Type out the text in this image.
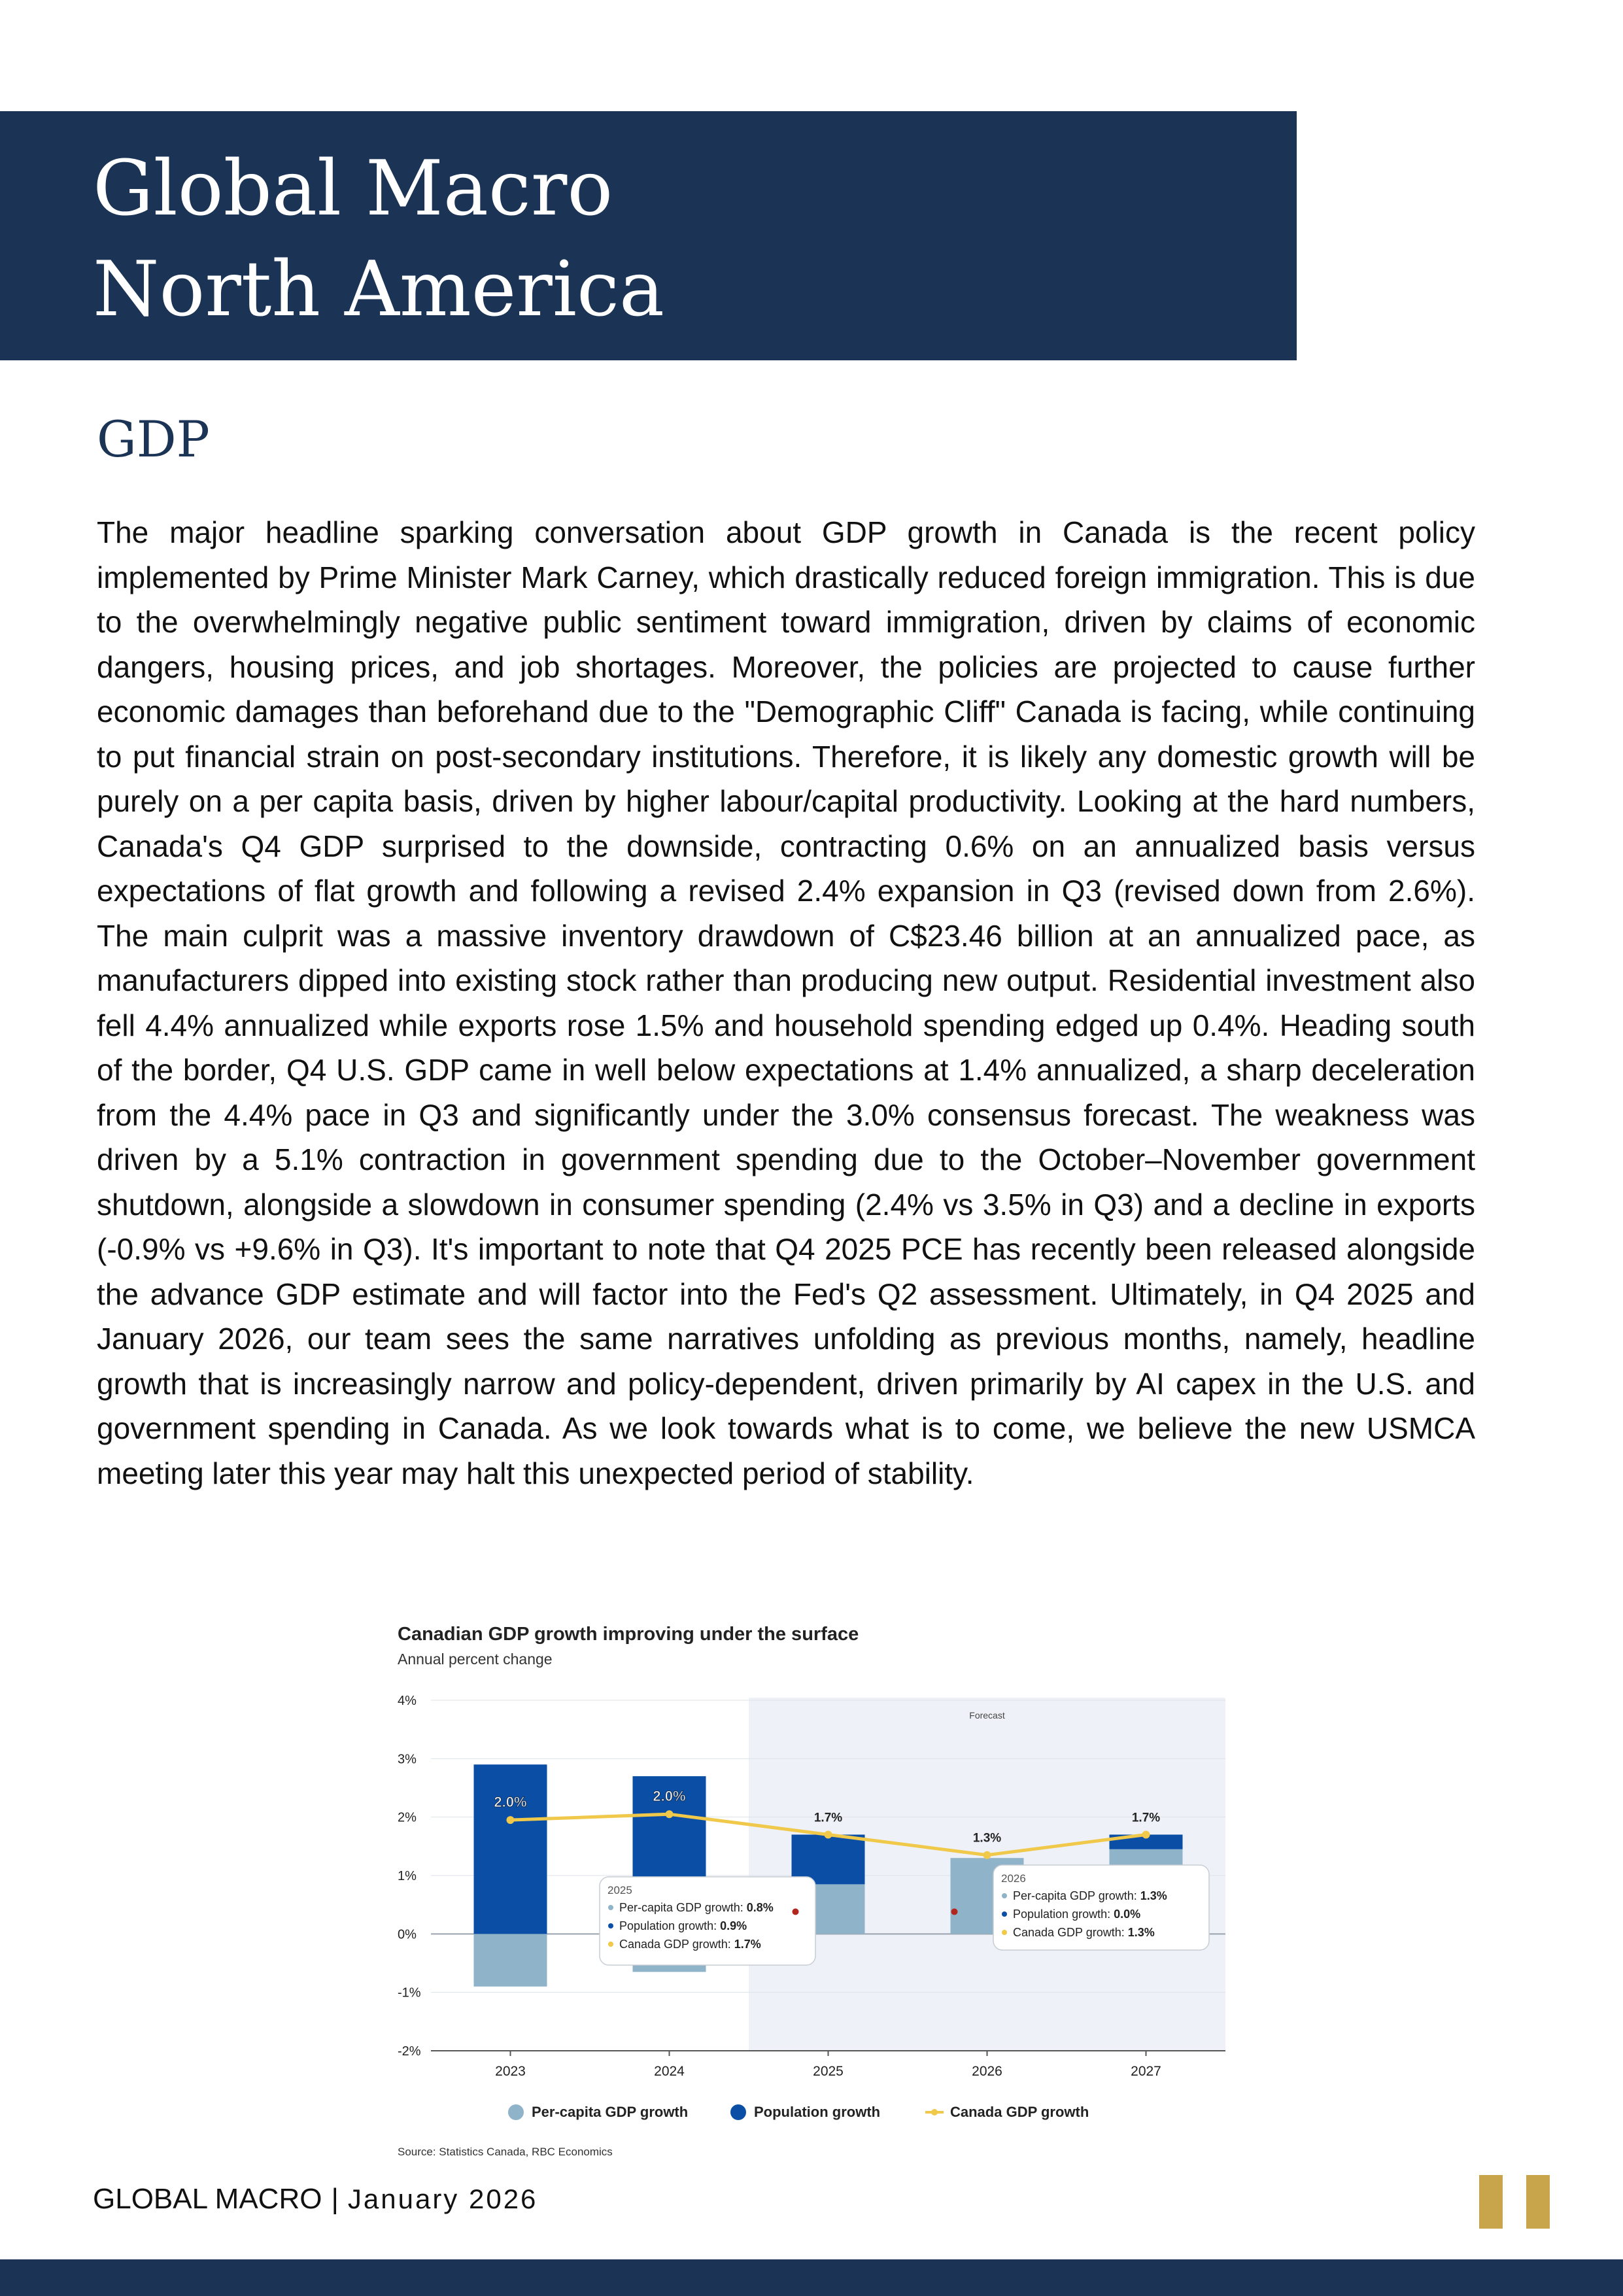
Global Macro
North America
GDP

The major headline sparking conversation about GDP growth in Canada is the recent policy implemented by Prime Minister Mark Carney, which drastically reduced foreign immigration. This is due to the overwhelmingly negative public sentiment toward immigration, driven by claims of economic dangers, housing prices, and job shortages. Moreover, the policies are projected to cause further economic damages than beforehand due to the "Demographic Cliff" Canada is facing, while continuing to put financial strain on post-secondary institutions. Therefore, it is likely any domestic growth will be purely on a per capita basis, driven by higher labour/capital productivity. Looking at the hard numbers, Canada's Q4 GDP surprised to the downside, contracting 0.6% on an annualized basis versus expectations of flat growth and following a revised 2.4% expansion in Q3 (revised down from 2.6%). The main culprit was a massive inventory drawdown of C$23.46 billion at an annualized pace, as manufacturers dipped into existing stock rather than producing new output. Residential investment also fell 4.4% annualized while exports rose 1.5% and household spending edged up 0.4%. Heading south of the border, Q4 U.S. GDP came in well below expectations at 1.4% annualized, a sharp deceleration from the 4.4% pace in Q3 and significantly under the 3.0% consensus forecast. The weakness was driven by a 5.1% contraction in government spending due to the October–November government shutdown, alongside a slowdown in consumer spending (2.4% vs 3.5% in Q3) and a decline in exports (-0.9% vs +9.6% in Q3). It's important to note that Q4 2025 PCE has recently been released alongside the advance GDP estimate and will factor into the Fed's Q2 assessment. Ultimately, in Q4 2025 and January 2026, our team sees the same narratives unfolding as previous months, namely, headline growth that is increasingly narrow and policy-dependent, driven primarily by AI capex in the U.S. and government spending in Canada. As we look towards what is to come, we believe the new USMCA meeting later this year may halt this unexpected period of stability.

Canadian GDP growth improving under the surface
Annual percent change
Forecast
4%
3%
2%
1%
0%
-1%
-2%
2023	2024	2025	2026	2027
2.0%	2.0%
1.7%
1.3%
1.7%
2025
Per-capita GDP growth: 0.8%
Population growth: 0.9%
Canada GDP growth: 1.7%
2026
Per-capita GDP growth: 1.3%
Population growth: 0.0%
Canada GDP growth: 1.3%
Per-capita GDP growth	Population growth	Canada GDP growth
Source: Statistics Canada, RBC Economics
GLOBAL MACRO | January 2026
